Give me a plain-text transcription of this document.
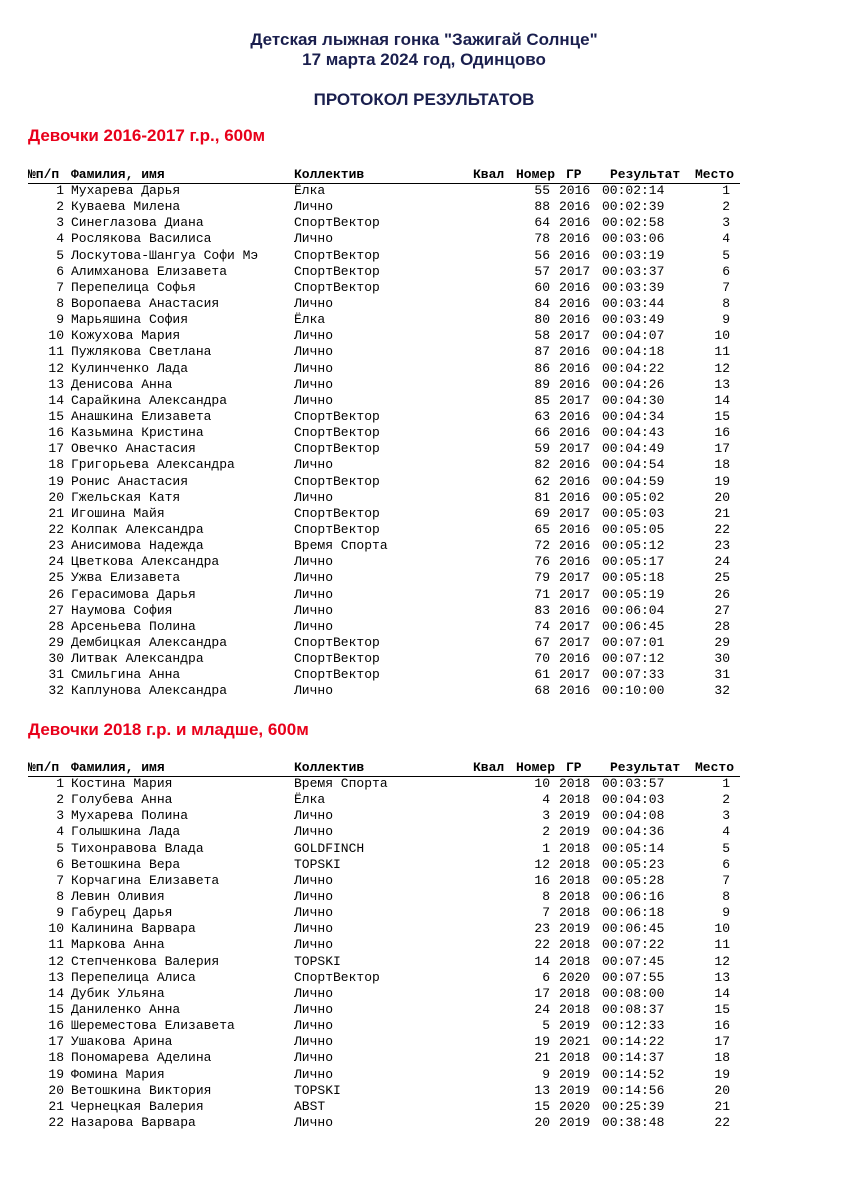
Детская лыжная гонка "Зажигай Солнце"
17 марта 2024 год, Одинцово
ПРОТОКОЛ РЕЗУЛЬТАТОВ
Девочки 2016-2017 г.р., 600м
№п/п Фамилия, имя	Коллектив	Квал Номер ГР Результат Место
1 Мухарева Дарья	Ёлка	55 2016 00:02:14	1
2 Куваева Милена	Лично	88 2016 00:02:39	2
3 Синеглазова Диана	СпортВектор	64 2016 00:02:58	3
4 Рослякова Василиса	Лично	78 2016 00:03:06	4
5 Лоскутова-Шангуа Софи Мэ	СпортВектор	56 2016 00:03:19	5
6 Алимханова Елизавета	СпортВектор	57 2017 00:03:37	6
7 Перепелица Софья	СпортВектор	60 2016 00:03:39	7
8 Воропаева Анастасия	Лично	84 2016 00:03:44	8
9 Марьяшина София	Ёлка	80 2016 00:03:49	9
10 Кожухова Мария	Лично	58 2017 00:04:07	10
11 Пужлякова Светлана	Лично	87 2016 00:04:18	11
12 Кулинченко Лада	Лично	86 2016 00:04:22	12
13 Денисова Анна	Лично	89 2016 00:04:26	13
14 Сарайкина Александра	Лично	85 2017 00:04:30	14
15 Анашкина Елизавета	СпортВектор	63 2016 00:04:34	15
16 Казьмина Кристина	СпортВектор	66 2016 00:04:43	16
17 Овечко Анастасия	СпортВектор	59 2017 00:04:49	17
18 Григорьева Александра	Лично	82 2016 00:04:54	18
19 Ронис Анастасия	СпортВектор	62 2016 00:04:59	19
20 Гжельская Катя	Лично	81 2016 00:05:02	20
21 Игошина Майя	СпортВектор	69 2017 00:05:03	21
22 Колпак Александра	СпортВектор	65 2016 00:05:05	22
23 Анисимова Надежда	Время Спорта	72 2016 00:05:12	23
24 Цветкова Александра	Лично	76 2016 00:05:17	24
25 Ужва Елизавета	Лично	79 2017 00:05:18	25
26 Герасимова Дарья	Лично	71 2017 00:05:19	26
27 Наумова София	Лично	83 2016 00:06:04	27
28 Арсеньева Полина	Лично	74 2017 00:06:45	28
29 Дембицкая Александра	СпортВектор	67 2017 00:07:01	29
30 Литвак Александра	СпортВектор	70 2016 00:07:12	30
31 Смильгина Анна	СпортВектор	61 2017 00:07:33	31
32 Каплунова Александра	Лично	68 2016 00:10:00	32
Девочки 2018 г.р. и младше, 600м
№п/п Фамилия, имя	Коллектив	Квал Номер ГР Результат Место
1 Костина Мария	Время Спорта	10 2018 00:03:57	1
2 Голубева Анна	Ёлка	4 2018 00:04:03	2
3 Мухарева Полина	Лично	3 2019 00:04:08	3
4 Голышкина Лада	Лично	2 2019 00:04:36	4
5 Тихонравова Влада	GOLDFINCH	1 2018 00:05:14	5
6 Ветошкина Вера	TOPSKI	12 2018 00:05:23	6
7 Корчагина Елизавета	Лично	16 2018 00:05:28	7
8 Левин Оливия	Лично	8 2018 00:06:16	8
9 Габурец Дарья	Лично	7 2018 00:06:18	9
10 Калинина Варвара	Лично	23 2019 00:06:45	10
11 Маркова Анна	Лично	22 2018 00:07:22	11
12 Степченкова Валерия	TOPSKI	14 2018 00:07:45	12
13 Перепелица Алиса	СпортВектор	6 2020 00:07:55	13
14 Дубик Ульяна	Лично	17 2018 00:08:00	14
15 Даниленко Анна	Лично	24 2018 00:08:37	15
16 Шереместова Елизавета	Лично	5 2019 00:12:33	16
17 Ушакова Арина	Лично	19 2021 00:14:22	17
18 Пономарева Аделина	Лично	21 2018 00:14:37	18
19 Фомина Мария	Лично	9 2019 00:14:52	19
20 Ветошкина Виктория	TOPSKI	13 2019 00:14:56	20
21 Чернецкая Валерия	ABST	15 2020 00:25:39	21
22 Назарова Варвара	Лично	20 2019 00:38:48	22
